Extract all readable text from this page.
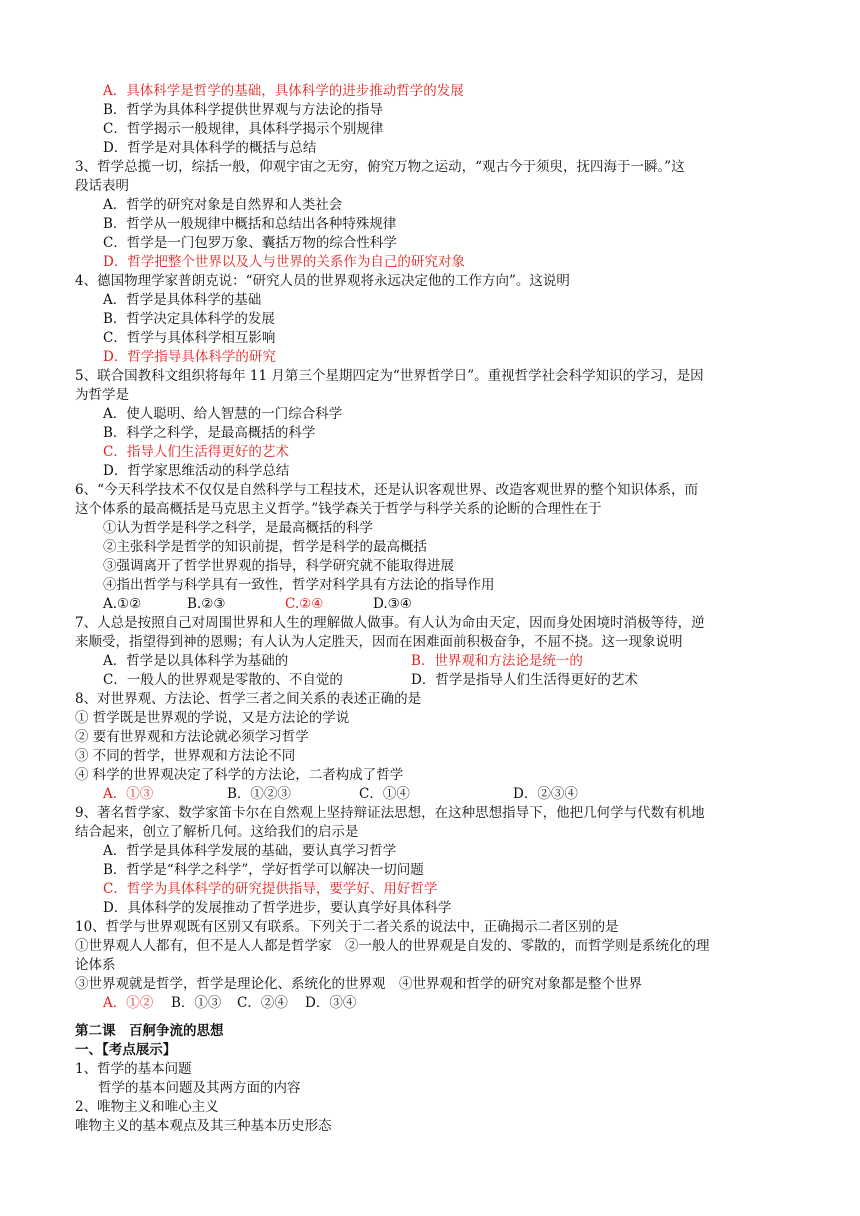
A．具体科学是哲学的基础，具体科学的进步推动哲学的发展
B．哲学为具体科学提供世界观与方法论的指导
C．哲学揭示一般规律，具体科学揭示个别规律
D．哲学是对具体科学的概括与总结
3、哲学总揽一切，综括一般，仰观宇宙之无穷，俯究万物之运动，“观古今于须臾，抚四海于一瞬。”这
段话表明
A．哲学的研究对象是自然界和人类社会
B．哲学从一般规律中概括和总结出各种特殊规律
C．哲学是一门包罗万象、囊括万物的综合性科学
D．哲学把整个世界以及人与世界的关系作为自己的研究对象
4、德国物理学家普朗克说：“研究人员的世界观将永远决定他的工作方向”。这说明
A．哲学是具体科学的基础
B．哲学决定具体科学的发展
C．哲学与具体科学相互影响
D．哲学指导具体科学的研究
5、联合国教科文组织将每年 11 月第三个星期四定为“世界哲学日”。重视哲学社会科学知识的学习，是因
为哲学是
A．使人聪明、给人智慧的一门综合科学
B．科学之科学，是最高概括的科学
C．指导人们生活得更好的艺术
D．哲学家思维活动的科学总结
6、“今天科学技术不仅仅是自然科学与工程技术，还是认识客观世界、改造客观世界的整个知识体系，而
这个体系的最高概括是马克思主义哲学。”钱学森关于哲学与科学关系的论断的合理性在于
①认为哲学是科学之科学，是最高概括的科学
②主张科学是哲学的知识前提，哲学是科学的最高概括
③强调离开了哲学世界观的指导，科学研究就不能取得进展
④指出哲学与科学具有一致性，哲学对科学具有方法论的指导作用
A.①②	B.②③	C.②④	D.③④
7、人总是按照自己对周围世界和人生的理解做人做事。有人认为命由天定，因而身处困境时消极等待，逆
来顺受，指望得到神的恩赐；有人认为人定胜天，因而在困难面前积极奋争，不屈不挠。这一现象说明
A．哲学是以具体科学为基础的	B．世界观和方法论是统一的
C．一般人的世界观是零散的、不自觉的	D．哲学是指导人们生活得更好的艺术
8、对世界观、方法论、哲学三者之间关系的表述正确的是
① 哲学既是世界观的学说，又是方法论的学说
② 要有世界观和方法论就必须学习哲学
③ 不同的哲学，世界观和方法论不同
④ 科学的世界观决定了科学的方法论，二者构成了哲学
A．①③	B．①②③	C．①④	D．②③④
9、著名哲学家、数学家笛卡尔在自然观上坚持辩证法思想，在这种思想指导下，他把几何学与代数有机地
结合起来，创立了解析几何。这给我们的启示是
A．哲学是具体科学发展的基础，要认真学习哲学
B．哲学是“科学之科学”，学好哲学可以解决一切问题
C．哲学为具体科学的研究提供指导，要学好、用好哲学
D．具体科学的发展推动了哲学进步，要认真学好具体科学
10、哲学与世界观既有区别又有联系。下列关于二者关系的说法中，正确揭示二者区别的是
①世界观人人都有，但不是人人都是哲学家　②一般人的世界观是自发的、零散的，而哲学则是系统化的理
论体系
③世界观就是哲学，哲学是理论化、系统化的世界观　④世界观和哲学的研究对象都是整个世界
A．①② B．①③ C．②④ D．③④
第二课　百舸争流的思想
一、【考点展示】
1、哲学的基本问题
哲学的基本问题及其两方面的内容
2、唯物主义和唯心主义
唯物主义的基本观点及其三种基本历史形态
